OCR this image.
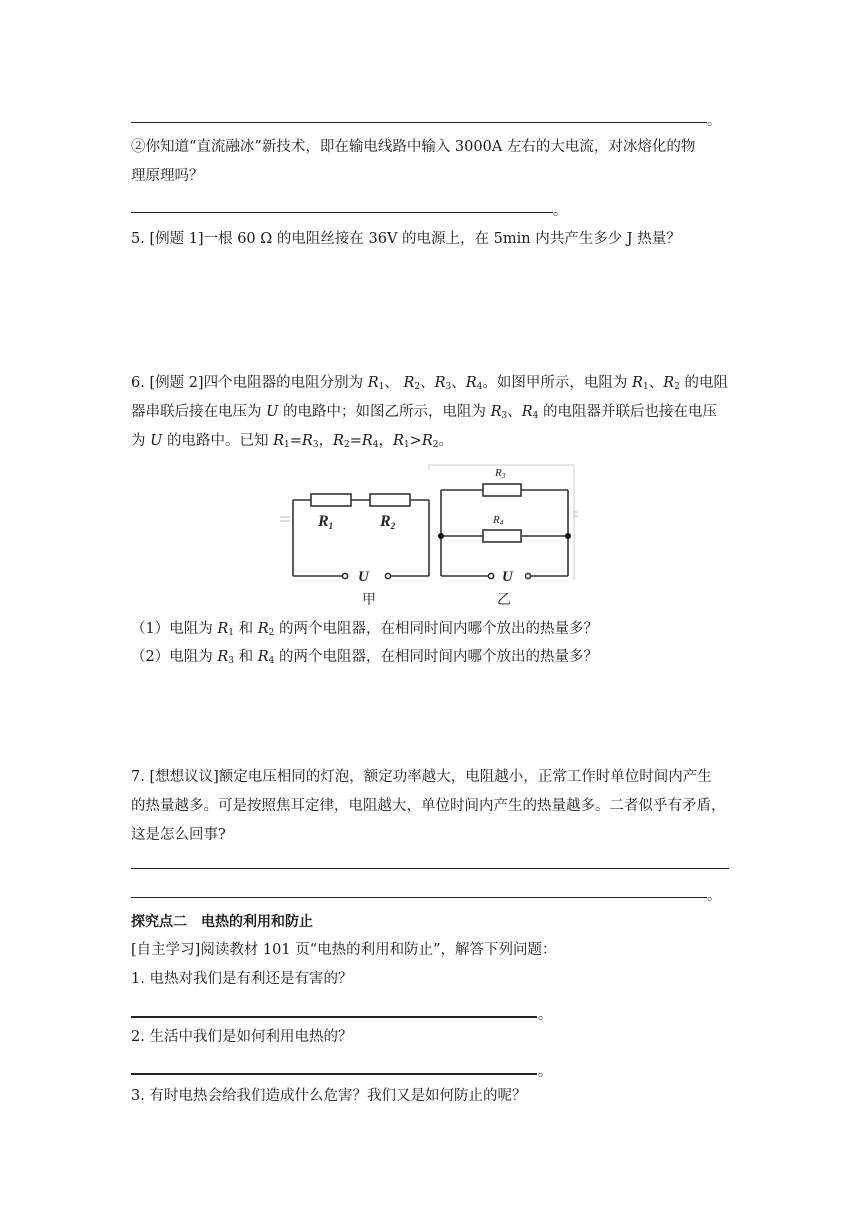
。
②你知道“直流融冰”新技术，即在输电线路中输入 3000A 左右的大电流，对冰熔化的物
理原理吗？
。
5. [例题 1]一根 60 Ω 的电阻丝接在 36V 的电源上，在 5min 内共产生多少 J 热量？
6. [例题 2]四个电阻器的电阻分别为 $R_1$、 $R_2$、$R_3$、$R_4$。如图甲所示，电阻为 $R_1$、$R_2$ 的电阻
器串联后接在电压为 U 的电路中；如图乙所示，电阻为 $R_3$、$R_4$ 的电阻器并联后也接在电压
为 U 的电路中。已知 $R_1=R_3$，$R_2=R_4$，$R_1>R_2$。
R1	R2
U
甲
R3
R4
U
乙
（1）电阻为 $R_1$ 和 $R_2$ 的两个电阻器，在相同时间内哪个放出的热量多？
（2）电阻为 $R_3$ 和 $R_4$ 的两个电阻器，在相同时间内哪个放出的热量多？
7. [想想议议]额定电压相同的灯泡，额定功率越大，电阻越小，正常工作时单位时间内产生
的热量越多。可是按照焦耳定律，电阻越大，单位时间内产生的热量越多。二者似乎有矛盾，
这是怎么回事?
。
探究点二　电热的利用和防止
[自主学习]阅读教材 101 页“电热的利用和防止”，解答下列问题：
1. 电热对我们是有利还是有害的？
。
2. 生活中我们是如何利用电热的？
。
3. 有时电热会给我们造成什么危害？我们又是如何防止的呢？
